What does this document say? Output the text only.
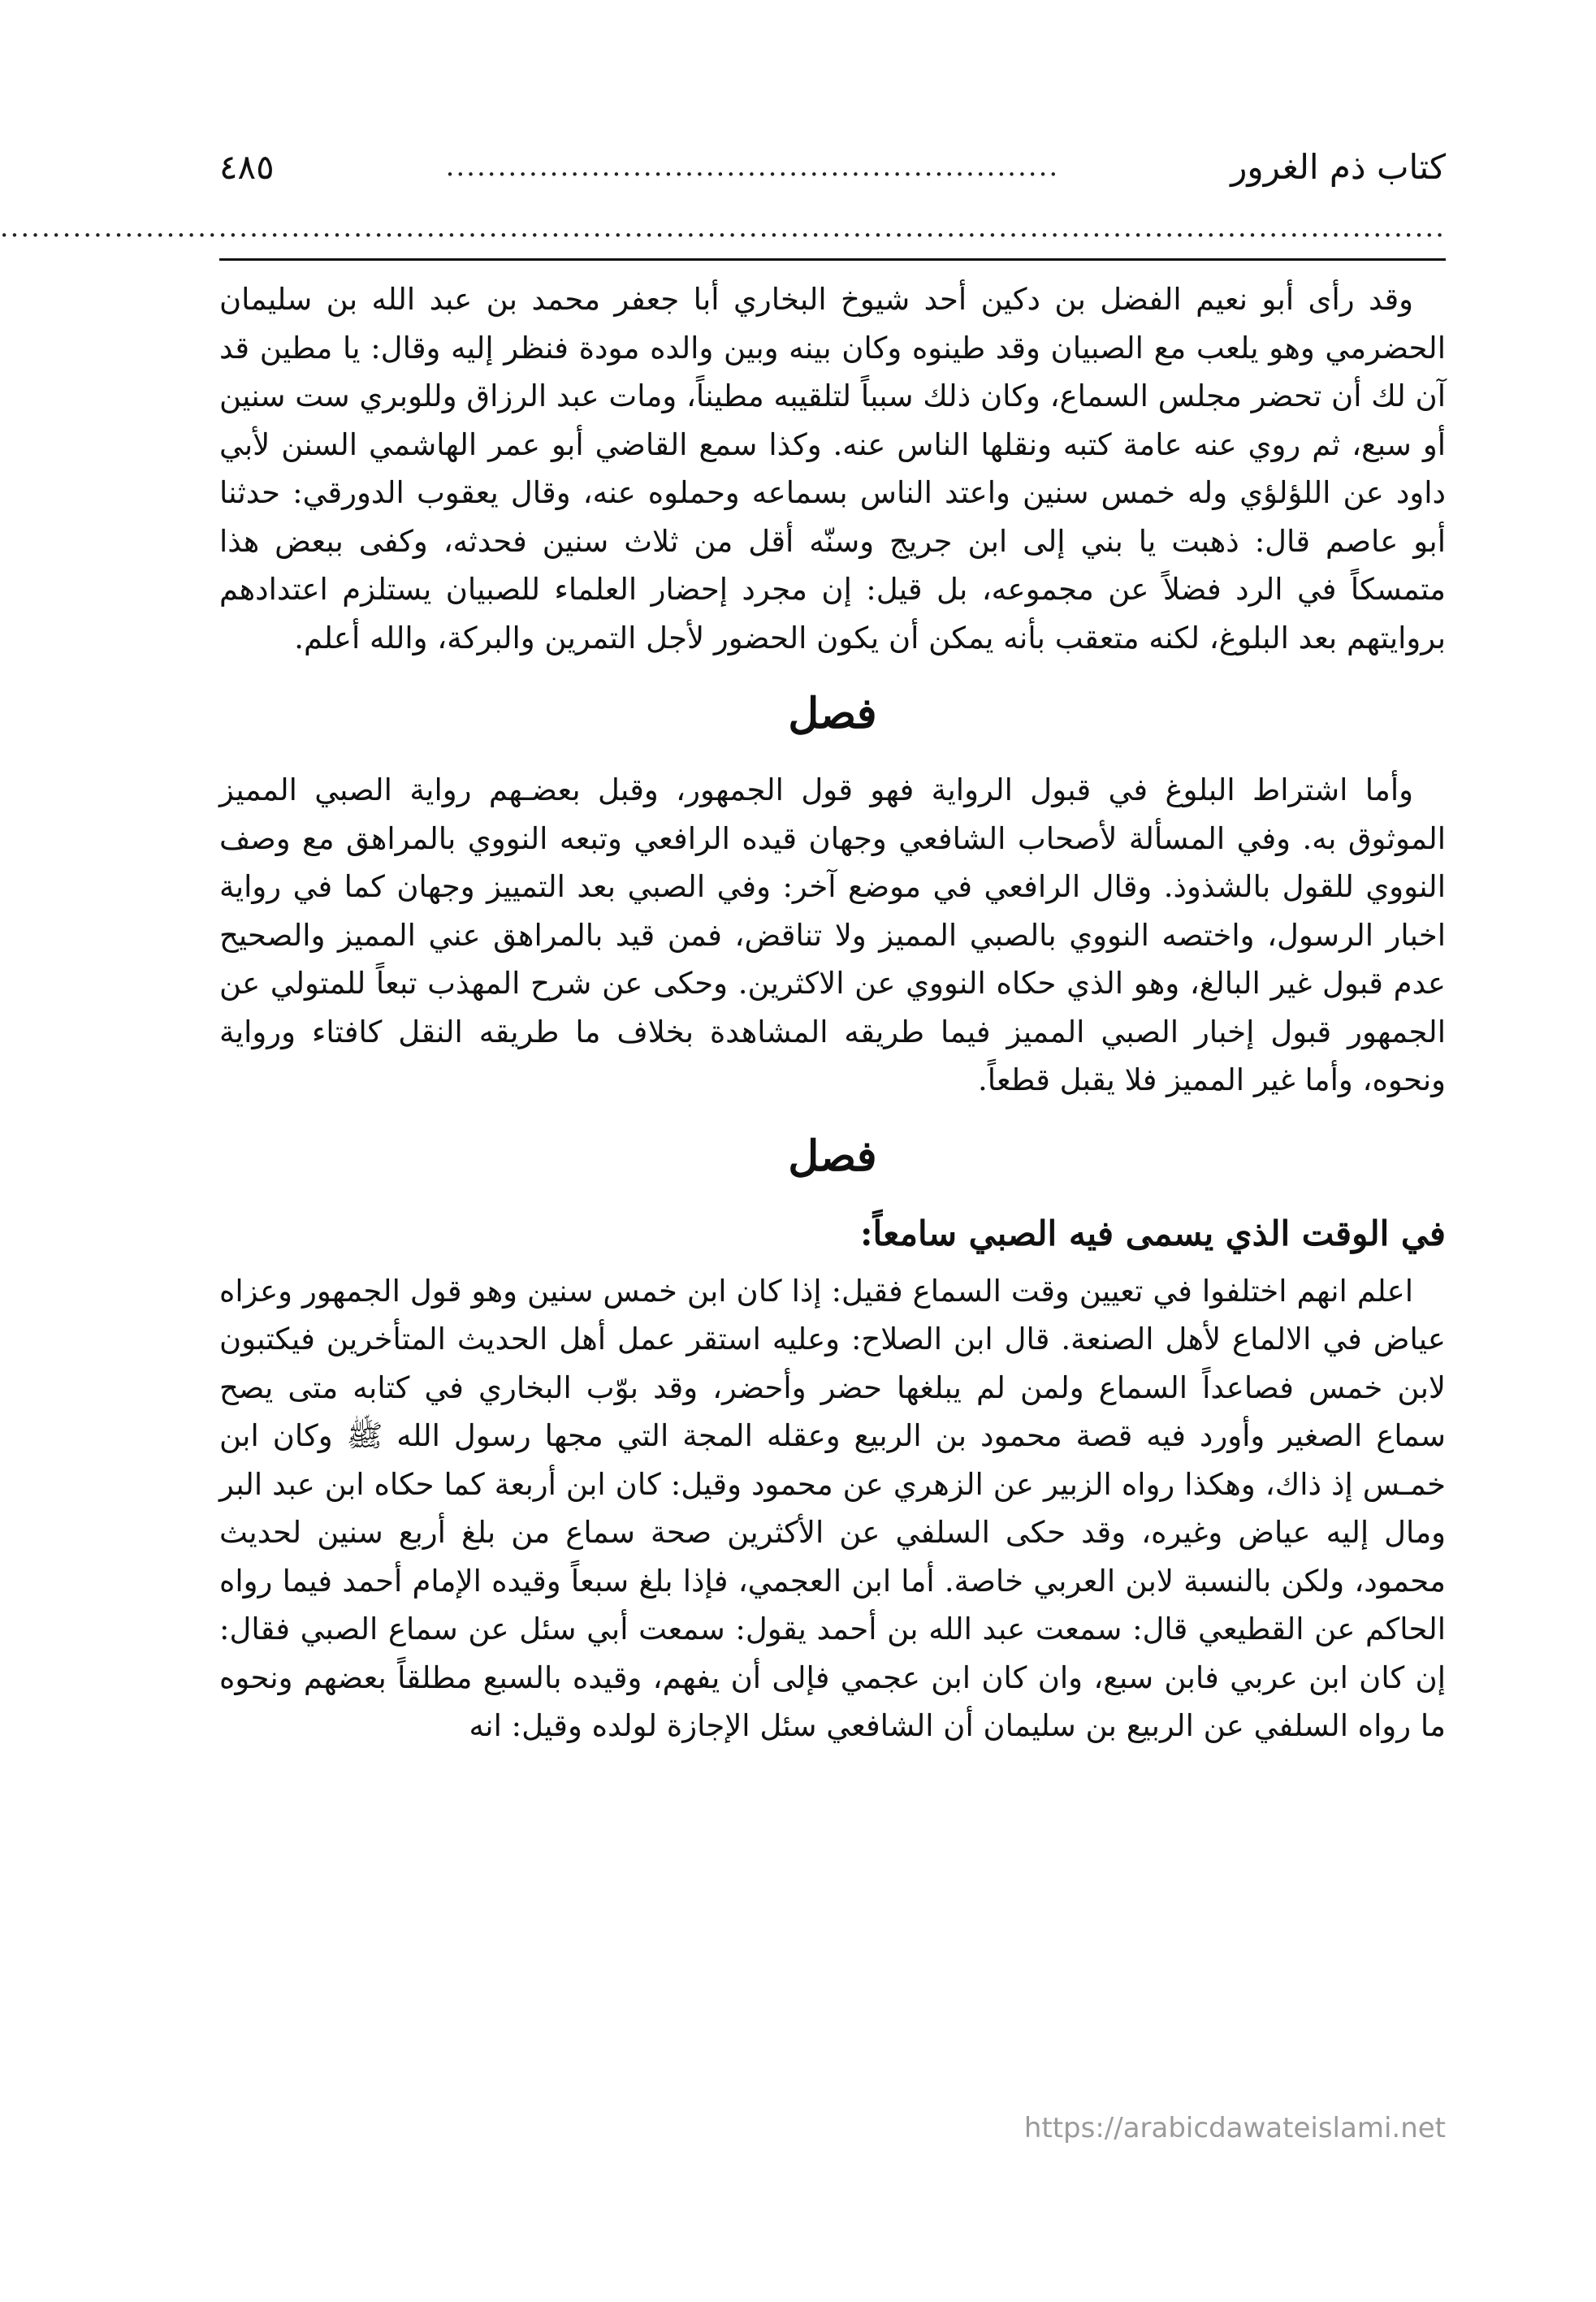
كتاب ذم الغرور
...........................................................
٤٨٥
...........................................................................................................................................

وقد رأى أبو نعيم الفضل بن دكين أحد شيوخ البخاري أبا جعفر محمد بن عبد الله بن سليمان الحضرمي وهو يلعب مع الصبيان وقد طينوه وكان بينه وبين والده مودة فنظر إليه وقال: يا مطين قد آن لك أن تحضر مجلس السماع، وكان ذلك سبباً لتلقيبه مطيناً، ومات عبد الرزاق وللوبري ست سنين أو سبع، ثم روي عنه عامة كتبه ونقلها الناس عنه. وكذا سمع القاضي أبو عمر الهاشمي السنن لأبي داود عن اللؤلؤي وله خمس سنين واعتد الناس بسماعه وحملوه عنه، وقال يعقوب الدورقي: حدثنا أبو عاصم قال: ذهبت يا بني إلى ابن جريج وسنّه أقل من ثلاث سنين فحدثه، وكفى ببعض هذا متمسكاً في الرد فضلاً عن مجموعه، بل قيل: إن مجرد إحضار العلماء للصبيان يستلزم اعتدادهم بروايتهم بعد البلوغ، لكنه متعقب بأنه يمكن أن يكون الحضور لأجل التمرين والبركة، والله أعلم.

فصل

وأما اشتراط البلوغ في قبول الرواية فهو قول الجمهور، وقبل بعضـهم رواية الصبي المميز الموثوق به. وفي المسألة لأصحاب الشافعي وجهان قيده الرافعي وتبعه النووي بالمراهق مع وصف النووي للقول بالشذوذ. وقال الرافعي في موضع آخر: وفي الصبي بعد التمييز وجهان كما في رواية اخبار الرسول، واختصه النووي بالصبي المميز ولا تناقض، فمن قيد بالمراهق عني المميز والصحيح عدم قبول غير البالغ، وهو الذي حكاه النووي عن الاكثرين. وحكى عن شرح المهذب تبعاً للمتولي عن الجمهور قبول إخبار الصبي المميز فيما طريقه المشاهدة بخلاف ما طريقه النقل كافتاء ورواية ونحوه، وأما غير المميز فلا يقبل قطعاً.

فصل
في الوقت الذي يسمى فيه الصبي سامعاً:

اعلم انهم اختلفوا في تعيين وقت السماع فقيل: إذا كان ابن خمس سنين وهو قول الجمهور وعزاه عياض في الالماع لأهل الصنعة. قال ابن الصلاح: وعليه استقر عمل أهل الحديث المتأخرين فيكتبون لابن خمس فصاعداً السماع ولمن لم يبلغها حضر وأحضر، وقد بوّب البخاري في كتابه متى يصح سماع الصغير وأورد فيه قصة محمود بن الربيع وعقله المجة التي مجها رسول الله ﷺ وكان ابن خمـس إذ ذاك، وهكذا رواه الزبير عن الزهري عن محمود وقيل: كان ابن أربعة كما حكاه ابن عبد البر ومال إليه عياض وغيره، وقد حكى السلفي عن الأكثرين صحة سماع من بلغ أربع سنين لحديث محمود، ولكن بالنسبة لابن العربي خاصة. أما ابن العجمي، فإذا بلغ سبعاً وقيده الإمام أحمد فيما رواه الحاكم عن القطيعي قال: سمعت عبد الله بن أحمد يقول: سمعت أبي سئل عن سماع الصبي فقال: إن كان ابن عربي فابن سبع، وان كان ابن عجمي فإلى أن يفهم، وقيده بالسبع مطلقاً بعضهم ونحوه ما رواه السلفي عن الربيع بن سليمان أن الشافعي سئل الإجازة لولده وقيل: انه

https://arabicdawateislami.net
